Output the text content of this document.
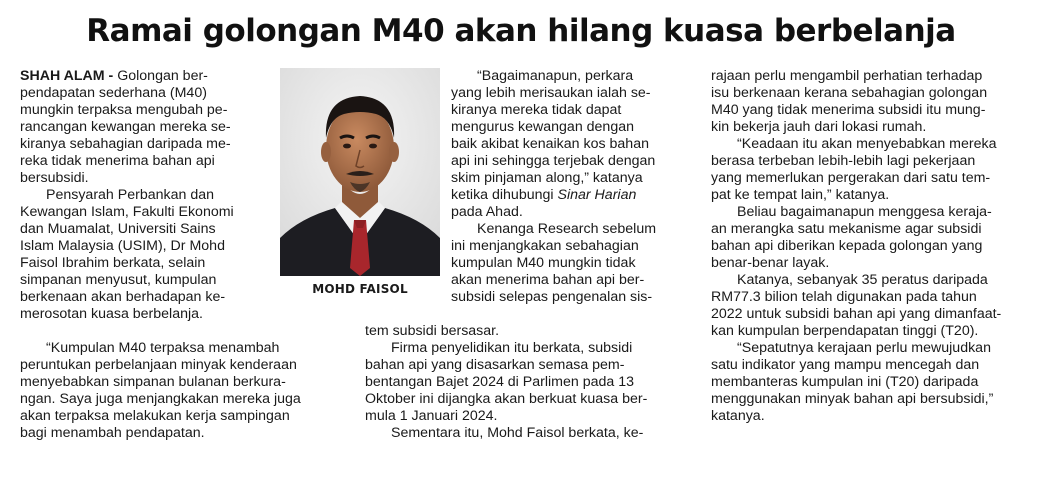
Ramai golongan M40 akan hilang kuasa berbelanja

SHAH ALAM - Golongan ber-
pendapatan sederhana (M40)
mungkin terpaksa mengubah pe-
rancangan kewangan mereka se-
kiranya sebahagian daripada me-
reka tidak menerima bahan api
bersubsidi.

Pensyarah Perbankan dan
Kewangan Islam, Fakulti Ekonomi
dan Muamalat, Universiti Sains
Islam Malaysia (USIM), Dr Mohd
Faisol Ibrahim berkata, selain
simpanan menyusut, kumpulan
berkenaan akan berhadapan ke-
merosotan kuasa berbelanja.

“Kumpulan M40 terpaksa menambah
peruntukan perbelanjaan minyak kenderaan
menyebabkan simpanan bulanan berkura-
ngan. Saya juga menjangkakan mereka juga
akan terpaksa melakukan kerja sampingan
bagi menambah pendapatan.

MOHD FAISOL

“Bagaimanapun, perkara
yang lebih merisaukan ialah se-
kiranya mereka tidak dapat
mengurus kewangan dengan
baik akibat kenaikan kos bahan
api ini sehingga terjebak dengan
skim pinjaman along,” katanya
ketika dihubungi Sinar Harian
pada Ahad.

Kenanga Research sebelum
ini menjangkakan sebahagian
kumpulan M40 mungkin tidak
akan menerima bahan api ber-
subsidi selepas pengenalan sis-

tem subsidi bersasar.

Firma penyelidikan itu berkata, subsidi
bahan api yang disasarkan semasa pem-
bentangan Bajet 2024 di Parlimen pada 13
Oktober ini dijangka akan berkuat kuasa ber-
mula 1 Januari 2024.

Sementara itu, Mohd Faisol berkata, ke-

rajaan perlu mengambil perhatian terhadap
isu berkenaan kerana sebahagian golongan
M40 yang tidak menerima subsidi itu mung-
kin bekerja jauh dari lokasi rumah.

“Keadaan itu akan menyebabkan mereka
berasa terbeban lebih-lebih lagi pekerjaan
yang memerlukan pergerakan dari satu tem-
pat ke tempat lain,” katanya.

Beliau bagaimanapun menggesa keraja-
an merangka satu mekanisme agar subsidi
bahan api diberikan kepada golongan yang
benar-benar layak.

Katanya, sebanyak 35 peratus daripada
RM77.3 bilion telah digunakan pada tahun
2022 untuk subsidi bahan api yang dimanfaat-
kan kumpulan berpendapatan tinggi (T20).

“Sepatutnya kerajaan perlu mewujudkan
satu indikator yang mampu mencegah dan
membanteras kumpulan ini (T20) daripada
menggunakan minyak bahan api bersubsidi,”
katanya.
